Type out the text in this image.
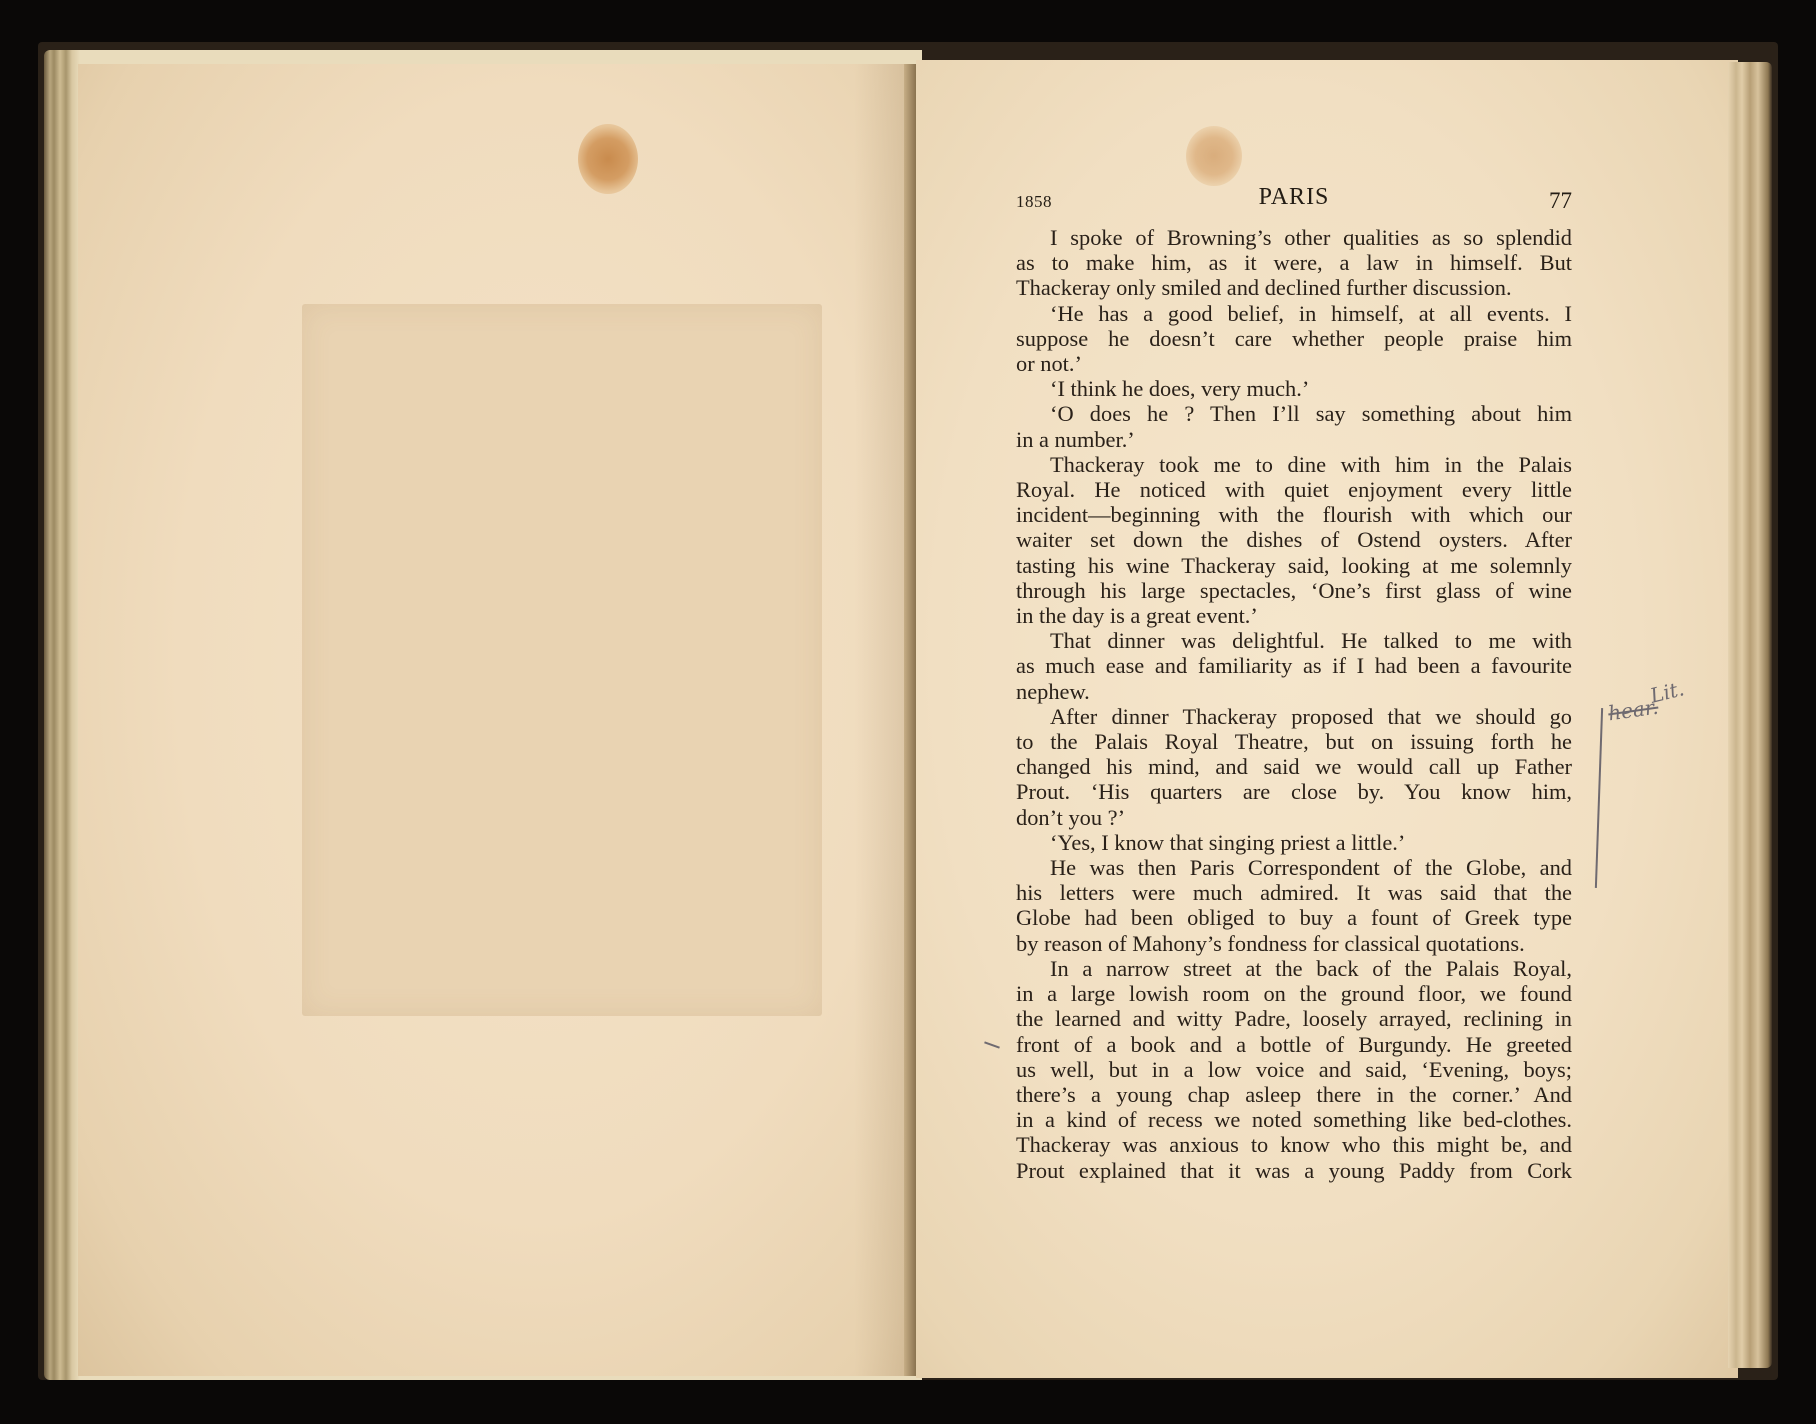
1858	PARIS	77

I spoke of Browning’s other qualities as so splendid

as to make him, as it were, a law in himself. But

Thackeray only smiled and declined further discussion.

‘He has a good belief, in himself, at all events. I

suppose he doesn’t care whether people praise him

or not.’

‘I think he does, very much.’

‘O does he ? Then I’ll say something about him

in a number.’

Thackeray took me to dine with him in the Palais

Royal. He noticed with quiet enjoyment every little

incident—beginning with the flourish with which our

waiter set down the dishes of Ostend oysters. After

tasting his wine Thackeray said, looking at me solemnly

through his large spectacles, ‘One’s first glass of wine

in the day is a great event.’

That dinner was delightful. He talked to me with

as much ease and familiarity as if I had been a favourite

nephew.

After dinner Thackeray proposed that we should go

to the Palais Royal Theatre, but on issuing forth he

changed his mind, and said we would call up Father

Prout. ‘His quarters are close by. You know him,

don’t you ?’

‘Yes, I know that singing priest a little.’

He was then Paris Correspondent of the Globe, and

his letters were much admired. It was said that the

Globe had been obliged to buy a fount of Greek type

by reason of Mahony’s fondness for classical quotations.

In a narrow street at the back of the Palais Royal,

in a large lowish room on the ground floor, we found

the learned and witty Padre, loosely arrayed, reclining in

front of a book and a bottle of Burgundy. He greeted

us well, but in a low voice and said, ‘Evening, boys;

there’s a young chap asleep there in the corner.’ And

in a kind of recess we noted something like bed-clothes.

Thackeray was anxious to know who this might be, and

Prout explained that it was a young Paddy from Cork

Lit.
hear.
